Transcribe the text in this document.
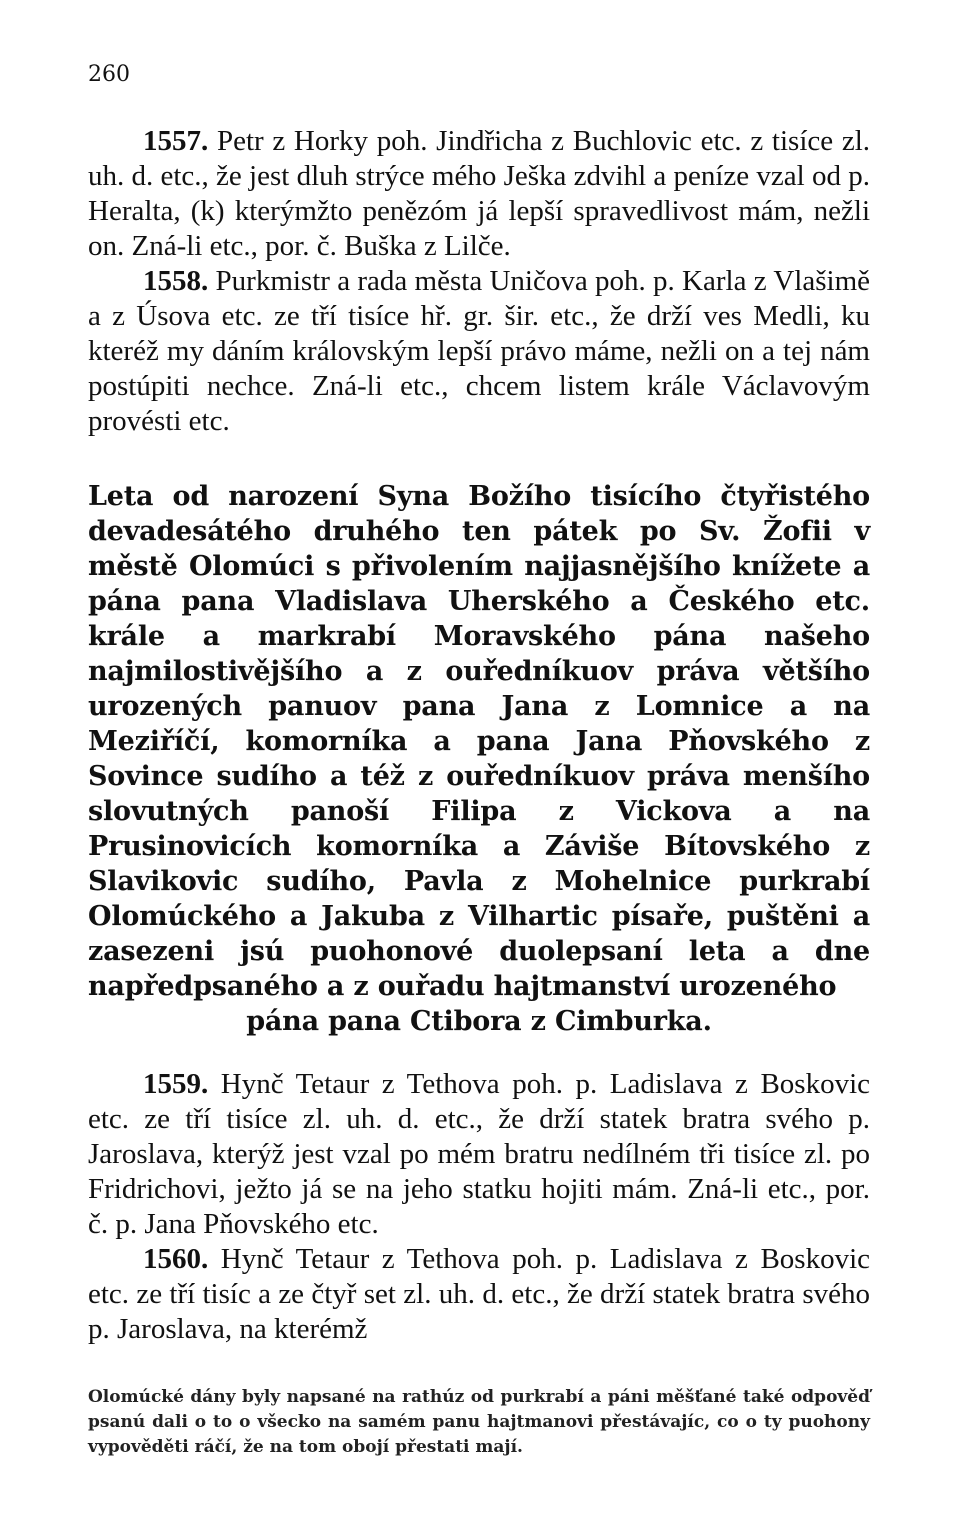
260

1557. Petr z Horky poh. Jindřicha z Buchlovic etc. z tisíce zl. uh. d. etc., že jest dluh strýce mého Ješka zdvihl a peníze vzal od p. Heralta, (k) kterýmžto penězóm já lepší spravedlivost mám, nežli on. Zná-li etc., por. č. Buška z Lilče.

1558. Purkmistr a rada města Uničova poh. p. Karla z Vlašimě a z Úsova etc. ze tří tisíce hř. gr. šir. etc., že drží ves Medli, ku kteréž my dáním královským lepší právo máme, nežli on a tej nám postúpiti nechce. Zná-li etc., chcem listem krále Václavovým provésti etc.

Leta od narození Syna Božího tisícího čtyřistého devadesátého druhého ten pátek po Sv. Žofii v městě Olomúci s přivolením najjasnějšího knížete a pána pana Vladislava Uherského a Českého etc. krále a markrabí Moravského pána našeho najmilostivějšího a z ouředníkuov práva většího urozených panuov pana Jana z Lomnice a na Meziříčí, komorníka a pana Jana Pňovského z Sovince sudího a též z ouředníkuov práva menšího slovutných panoší Filipa z Vickova a na Prusinovicích komorníka a Záviše Bítovského z Slavikovic sudího, Pavla z Mohelnice purkrabí Olomúckého a Jakuba z Vilhartic písaře, puštěni a zasezeni jsú puohonové duolepsaní leta a dne napředpsaného a z ouřadu hajtmanství urozeného
pána pana Ctibora z Cimburka.

1559. Hynč Tetaur z Tethova poh. p. Ladislava z Boskovic etc. ze tří tisíce zl. uh. d. etc., že drží statek bratra svého p. Jaroslava, kterýž jest vzal po mém bratru nedílném tři tisíce zl. po Fridrichovi, ježto já se na jeho statku hojiti mám. Zná-li etc., por. č. p. Jana Pňovského etc.

1560. Hynč Tetaur z Tethova poh. p. Ladislava z Boskovic etc. ze tří tisíc a ze čtyř set zl. uh. d. etc., že drží statek bratra svého p. Jaroslava, na kterémž

Olomúcké dány byly napsané na rathúz od purkrabí a páni měšťané také odpověď psanú dali o to o všecko na samém panu hajtmanovi přestávajíc, co o ty puohony vypověděti ráčí, že na tom obojí přestati mají.
